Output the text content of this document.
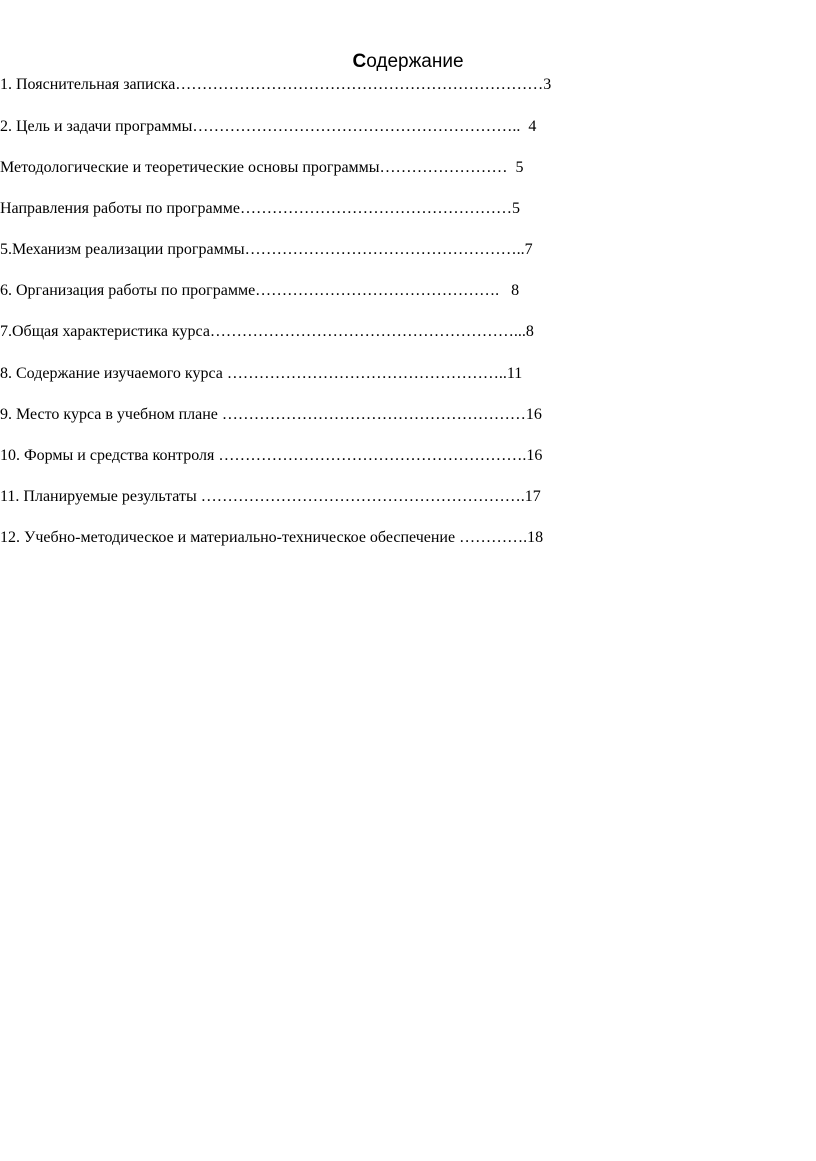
Содержание
1. Пояснительная записка……………………………………………………………3
2. Цель и задачи программы……………………………………………………..  4
Методологические и теоретические основы программы……………………  5
Направления работы по программе……………………………………………5
5.Механизм реализации программы……………………………………………..7
6. Организация работы по программе……………………………………….   8
7.Общая характеристика курса…………………………………………………...8
8. Содержание изучаемого курса ……………………………………………..11
9. Место курса в учебном плане …………………………………………………16
10. Формы и средства контроля ………………………………………………….16
11. Планируемые результаты …………………………………………………….17
12. Учебно-методическое и материально-техническое обеспечение ………….18
